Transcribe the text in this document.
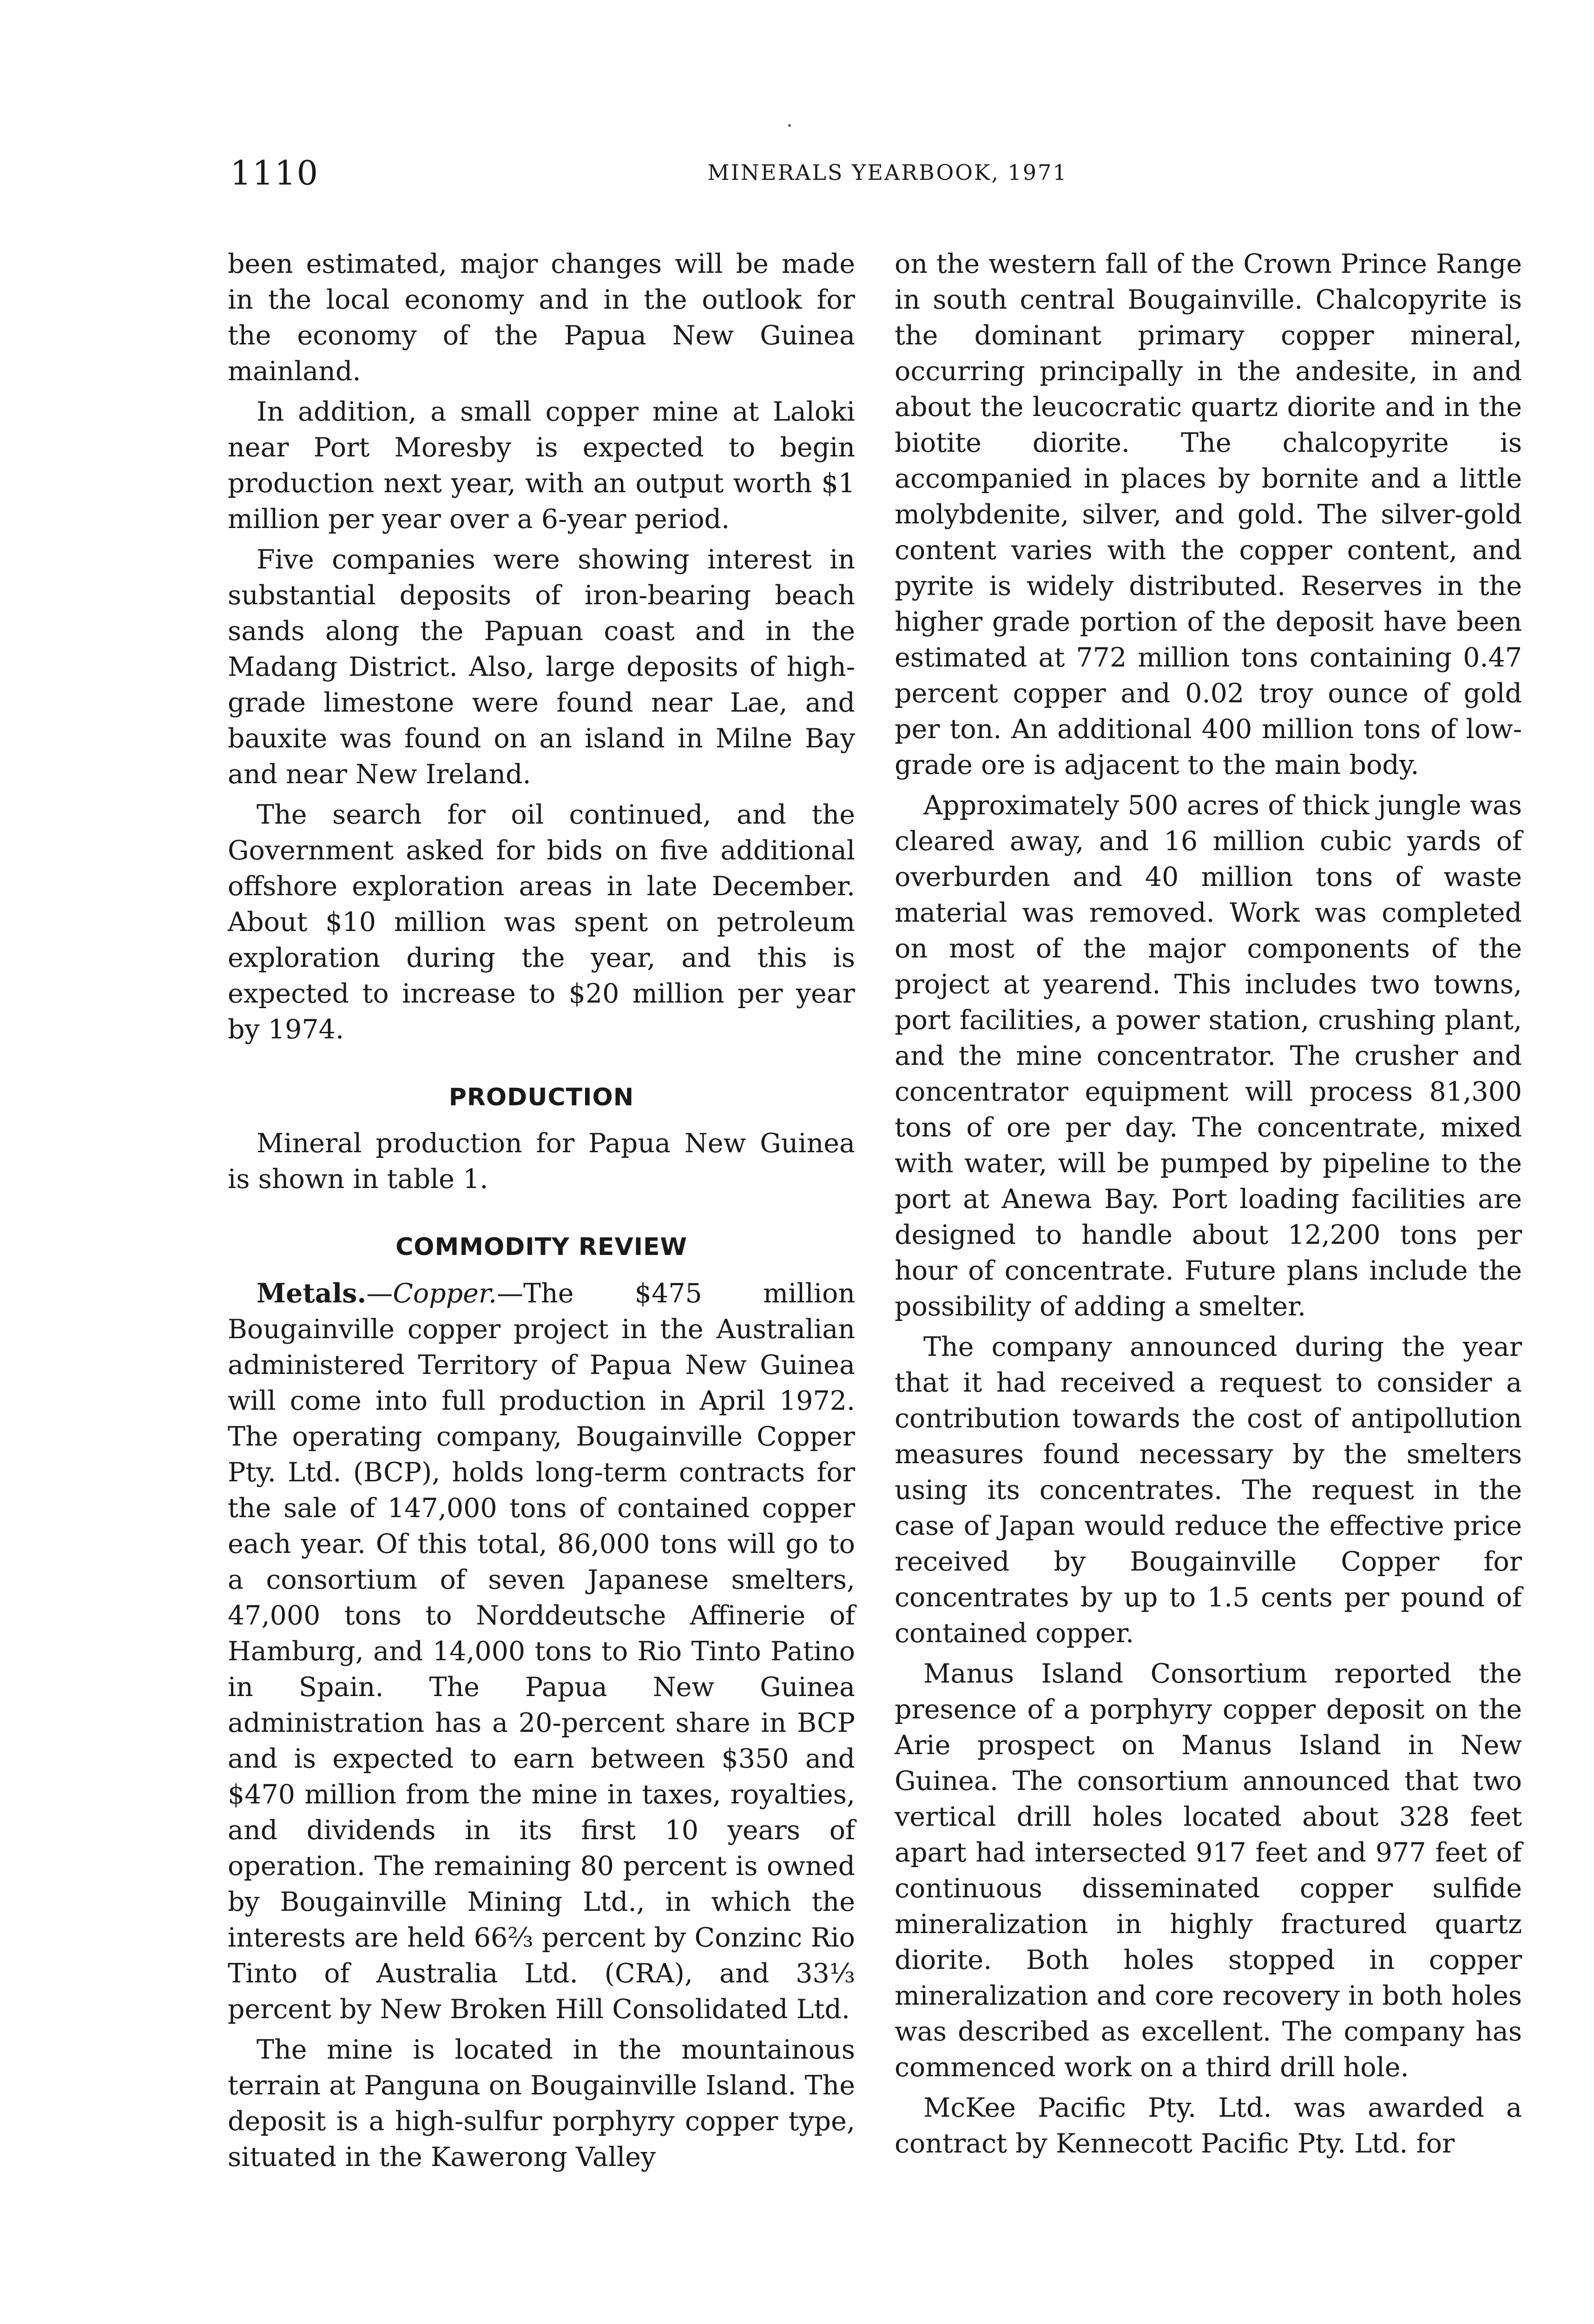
•
1110	MINERALS YEARBOOK, 1971

been estimated, major changes will be made in the local economy and in the outlook for the economy of the Papua New Guinea mainland.

In addition, a small copper mine at Laloki near Port Moresby is expected to begin production next year, with an output worth $1 million per year over a 6-year period.

Five companies were showing interest in substantial deposits of iron-bearing beach sands along the Papuan coast and in the Madang District. Also, large deposits of high-grade limestone were found near Lae, and bauxite was found on an island in Milne Bay and near New Ireland.

The search for oil continued, and the Government asked for bids on five additional offshore exploration areas in late December. About $10 million was spent on petroleum exploration during the year, and this is expected to increase to $20 million per year by 1974.

PRODUCTION

Mineral production for Papua New Guinea is shown in table 1.

COMMODITY REVIEW

Metals.—Copper.—The $475 million Bougainville copper project in the Australian administered Territory of Papua New Guinea will come into full production in April 1972. The operating company, Bougainville Copper Pty. Ltd. (BCP), holds long-term contracts for the sale of 147,000 tons of contained copper each year. Of this total, 86,000 tons will go to a consortium of seven Japanese smelters, 47,000 tons to Norddeutsche Affinerie of Hamburg, and 14,000 tons to Rio Tinto Patino in Spain. The Papua New Guinea administration has a 20-percent share in BCP and is expected to earn between $350 and $470 million from the mine in taxes, royalties, and dividends in its first 10 years of operation. The remaining 80 percent is owned by Bougainville Mining Ltd., in which the interests are held 66⅔ percent by Conzinc Rio Tinto of Australia Ltd. (CRA), and 33⅓ percent by New Broken Hill Consolidated Ltd.

The mine is located in the mountainous terrain at Panguna on Bougainville Island. The deposit is a high-sulfur porphyry copper type, situated in the Kawerong Valley

on the western fall of the Crown Prince Range in south central Bougainville. Chalcopyrite is the dominant primary copper mineral, occurring principally in the andesite, in and about the leucocratic quartz diorite and in the biotite diorite. The chalcopyrite is accompanied in places by bornite and a little molybdenite, silver, and gold. The silver-gold content varies with the copper content, and pyrite is widely distributed. Reserves in the higher grade portion of the deposit have been estimated at 772 million tons containing 0.47 percent copper and 0.02 troy ounce of gold per ton. An additional 400 million tons of low-grade ore is adjacent to the main body.

Approximately 500 acres of thick jungle was cleared away, and 16 million cubic yards of overburden and 40 million tons of waste material was removed. Work was completed on most of the major components of the project at yearend. This includes two towns, port facilities, a power station, crushing plant, and the mine concentrator. The crusher and concentrator equipment will process 81,300 tons of ore per day. The concentrate, mixed with water, will be pumped by pipeline to the port at Anewa Bay. Port loading facilities are designed to handle about 12,200 tons per hour of concentrate. Future plans include the possibility of adding a smelter.

The company announced during the year that it had received a request to consider a contribution towards the cost of antipollution measures found necessary by the smelters using its concentrates. The request in the case of Japan would reduce the effective price received by Bougainville Copper for concentrates by up to 1.5 cents per pound of contained copper.

Manus Island Consortium reported the presence of a porphyry copper deposit on the Arie prospect on Manus Island in New Guinea. The consortium announced that two vertical drill holes located about 328 feet apart had intersected 917 feet and 977 feet of continuous disseminated copper sulfide mineralization in highly fractured quartz diorite. Both holes stopped in copper mineralization and core recovery in both holes was described as excellent. The company has commenced work on a third drill hole.

McKee Pacific Pty. Ltd. was awarded a contract by Kennecott Pacific Pty. Ltd. for
